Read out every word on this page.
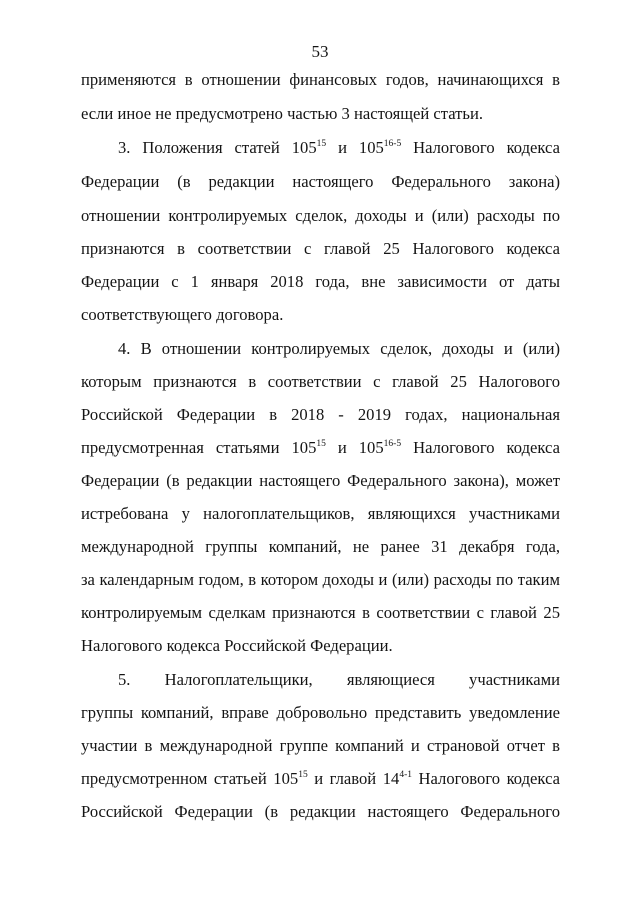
53
применяются в отношении финансовых годов, начинающихся в
если иное не предусмотрено частью 3 настоящей статьи.
3. Положения статей $105^{15}$ и 105$^{16-5}$ Налогового кодекса
Федерации (в редакции настоящего Федерального закона)
отношении контролируемых сделок, доходы и (или) расходы по
признаются в соответствии с главой 25 Налогового кодекса
Федерации с 1 января 2018 года, вне зависимости от даты
соответствующего договора.
4. В отношении контролируемых сделок, доходы и (или)
которым признаются в соответствии с главой 25 Налогового
Российской Федерации в 2018 - 2019 годах, национальная
предусмотренная статьями $105^{15}$ и 105$^{16-5}$ Налогового кодекса
Федерации (в редакции настоящего Федерального закона), может
истребована у налогоплательщиков, являющихся участниками
международной группы компаний, не ранее 31 декабря года,
за календарным годом, в котором доходы и (или) расходы по таким
контролируемым сделкам признаются в соответствии с главой 25
Налогового кодекса Российской Федерации.
5. Налогоплательщики, являющиеся участниками
группы компаний, вправе добровольно представить уведомление
участии в международной группе компаний и страновой отчет в
предусмотренном статьей $105^{15}$ и главой 14$^{4-1}$ Налогового кодекса
Российской Федерации (в редакции настоящего Федерального
